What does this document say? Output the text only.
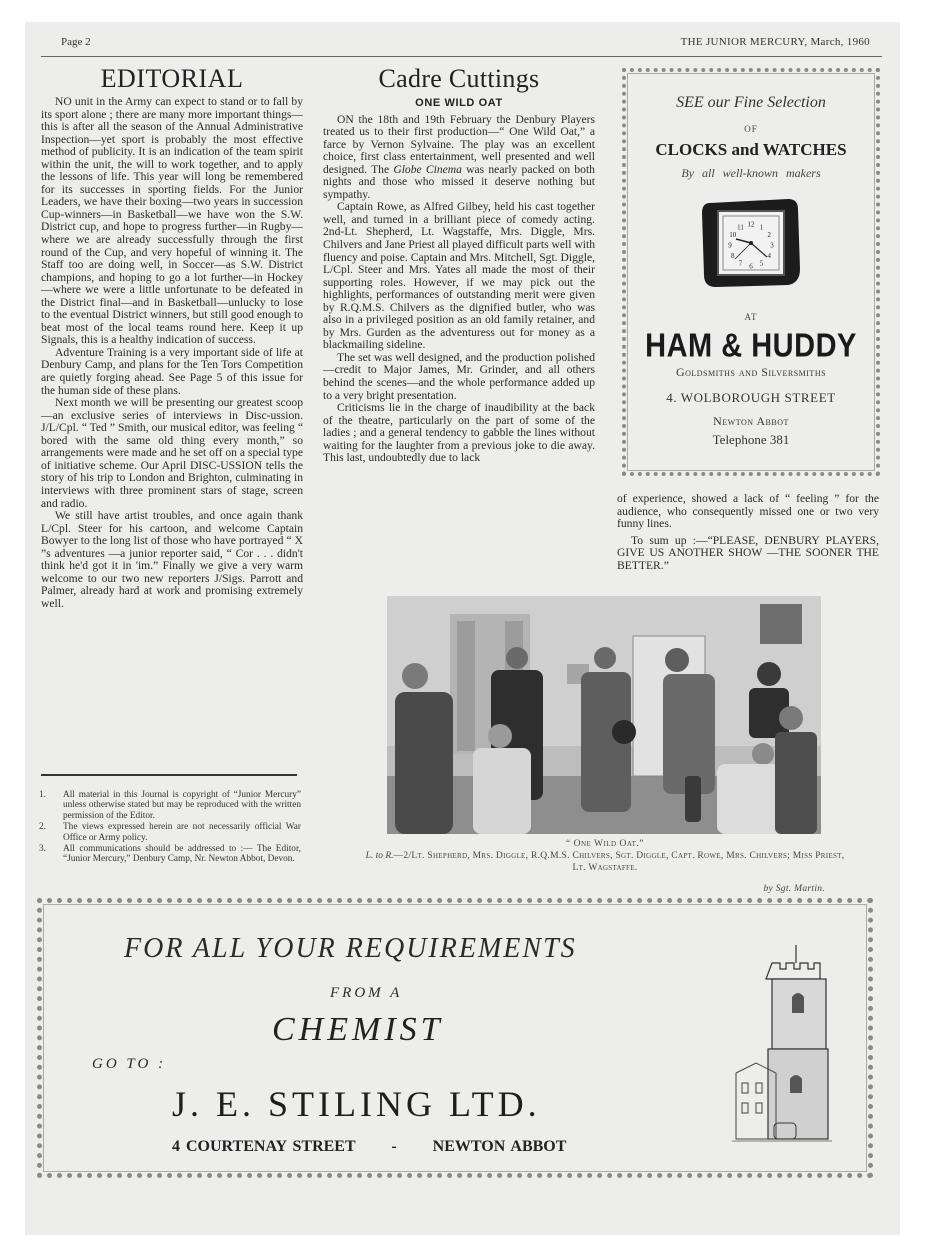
Page 2	THE JUNIOR MERCURY, March, 1960
EDITORIAL

NO unit in the Army can expect to stand or to fall by its sport alone ; there are many more important things—this is after all the season of the Annual Administrative Inspection—yet sport is probably the most effective method of publicity. It is an indication of the team spirit within the unit, the will to work together, and to apply the lessons of life. This year will long be remembered for its successes in sporting fields. For the Junior Leaders, we have their boxing—two years in succession Cup-winners—in Basketball—we have won the S.W. District cup, and hope to progress further—in Rugby—where we are already successfully through the first round of the Cup, and very hopeful of winning it. The Staff too are doing well, in Soccer—as S.W. District champions, and hoping to go a lot further—in Hockey—where we were a little unfortunate to be defeated in the District final—and in Basketball—unlucky to lose to the eventual District winners, but still good enough to beat most of the local teams round here. Keep it up Signals, this is a healthy indication of success.

Adventure Training is a very important side of life at Denbury Camp, and plans for the Ten Tors Competition are quietly forging ahead. See Page 5 of this issue for the human side of these plans.

Next month we will be presenting our greatest scoop—an exclusive series of interviews in Disc-ussion. J/L/Cpl. “ Ted ” Smith, our musical editor, was feeling “ bored with the same old thing every month,” so arrangements were made and he set off on a special type of initiative scheme. Our April DISC-USSION tells the story of his trip to London and Brighton, culminating in interviews with three prominent stars of stage, screen and radio.

We still have artist troubles, and once again thank L/Cpl. Steer for his cartoon, and welcome Captain Bowyer to the long list of those who have portrayed “ X ”s adventures —a junior reporter said, “ Cor . . . didn't think he'd got it in 'im.” Finally we give a very warm welcome to our two new reporters J/Sigs. Parrott and Palmer, already hard at work and promising extremely well.

1.	All material in this Journal is copyright of “Junior Mercury” unless otherwise stated but may be reproduced with the written permission of the Editor.
2.	The views expressed herein are not necessarily official War Office or Army policy.
3.	All communications should be addressed to :— The Editor, “Junior Mercury,” Denbury Camp, Nr. Newton Abbot, Devon.
Cadre Cuttings
ONE WILD OAT

ON the 18th and 19th February the Denbury Players treated us to their first production—“ One Wild Oat,” a farce by Vernon Sylvaine. The play was an excellent choice, first class entertainment, well presented and well designed. The Globe Cinema was nearly packed on both nights and those who missed it deserve nothing but sympathy.

Captain Rowe, as Alfred Gilbey, held his cast together well, and turned in a brilliant piece of comedy acting. 2nd-Lt. Shepherd, Lt. Wagstaffe, Mrs. Diggle, Mrs. Chilvers and Jane Priest all played difficult parts well with fluency and poise. Captain and Mrs. Mitchell, Sgt. Diggle, L/Cpl. Steer and Mrs. Yates all made the most of their supporting roles. However, if we may pick out the highlights, performances of outstanding merit were given by R.Q.M.S. Chilvers as the dignified butler, who was also in a privileged position as an old family retainer, and by Mrs. Gurden as the adventuress out for money as a blackmailing sideline.

The set was well designed, and the production polished—credit to Major James, Mr. Grinder, and all others behind the scenes—and the whole performance added up to a very bright presentation.

Criticisms lie in the charge of inaudibility at the back of the theatre, particularly on the part of some of the ladies ; and a general tendency to gabble the lines without waiting for the laughter from a previous joke to die away. This last, undoubtedly due to lack

SEE our Fine Selection
OF
CLOCKS and WATCHES
By all well-known makers
12 1
2
3
4
5
6
7
8
9
10
11
AT
HAM & HUDDY
Goldsmiths and Silversmiths
4. WOLBOROUGH STREET
Newton Abbot
Telephone 381

of experience, showed a lack of “ feeling ” for the audience, who consequently missed one or two very funny lines.

To sum up :—“PLEASE, DENBURY PLAYERS, GIVE US ANOTHER SHOW —THE SOONER THE BETTER.”

“ One Wild Oat.”
L. to R.—2/Lt. Shepherd, Mrs. Diggle, R.Q.M.S. Chilvers, Sgt. Diggle, Capt. Rowe, Mrs. Chilvers; Miss Priest, Lt. Wagstaffe.
by Sgt. Martin.
FOR ALL YOUR REQUIREMENTS
FROM A
CHEMIST
GO TO :
J. E. STILING LTD.
4 COURTENAY STREET - NEWTON ABBOT
